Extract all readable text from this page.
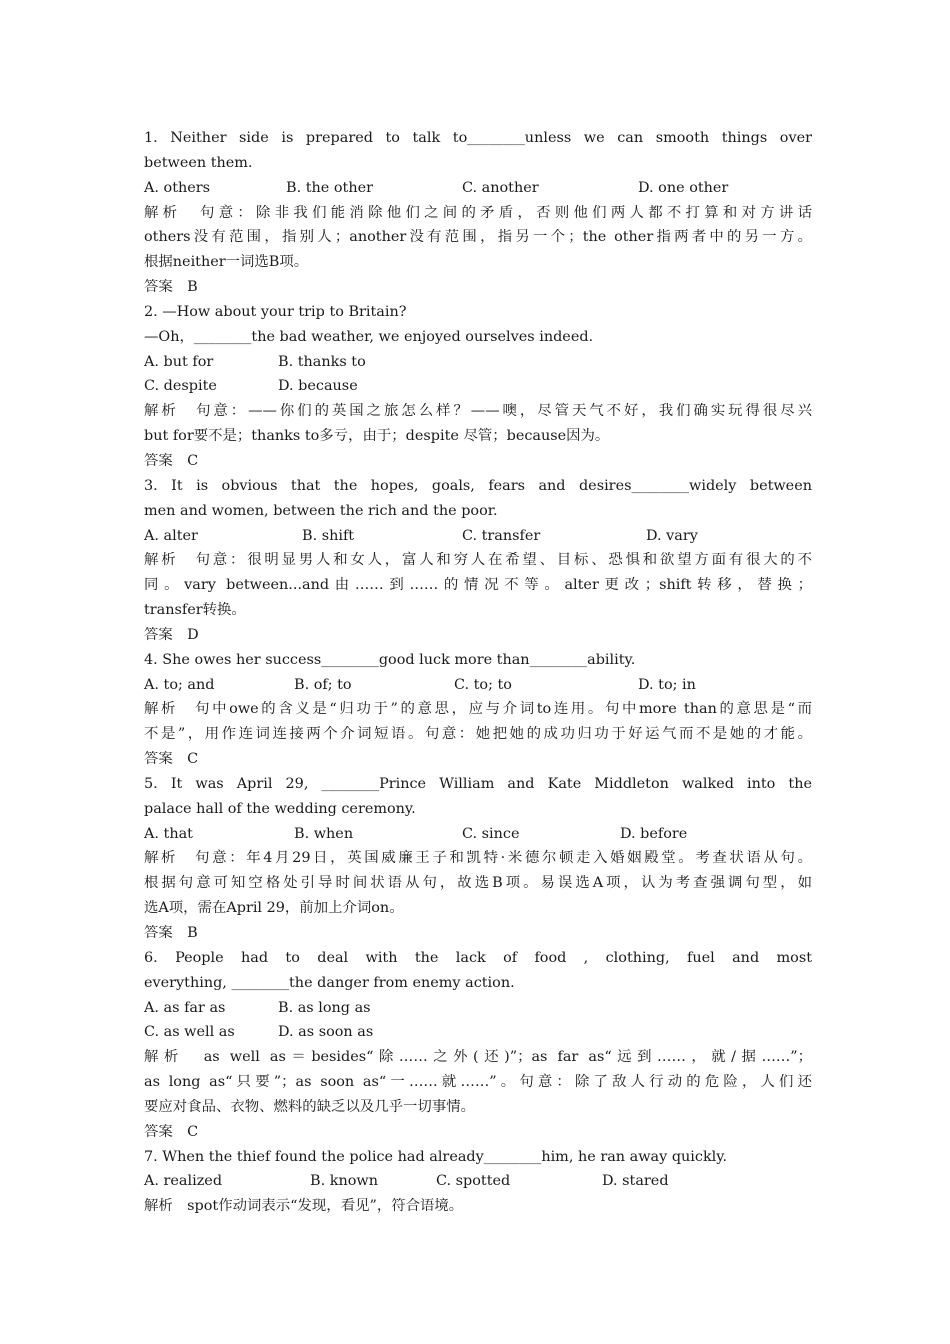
1. Neither side is prepared to talk to________unless we can smooth things over
between them.
A. others	B. the other	C. another	D. one other
解析　句意：除非我们能消除他们之间的矛盾，否则他们两人都不打算和对方讲话
others没有范围，指别人；another没有范围，指另一个；the other指两者中的另一方。
根据neither一词选B项。
答案　B
2. —How about your trip to Britain?
—Oh，________the bad weather, we enjoyed ourselves indeed.
A. but for	B. thanks to
C. despite	D. because
解析　句意：——你们的英国之旅怎么样？——噢，尽管天气不好，我们确实玩得很尽兴
but for要不是；thanks to多亏，由于；despite 尽管；because因为。
答案　C
3. It is obvious that the hopes, goals, fears and desires________widely between
men and women, between the rich and the poor.
A. alter	B. shift	C. transfer	D. vary
解析　句意：很明显男人和女人，富人和穷人在希望、目标、恐惧和欲望方面有很大的不
同。vary between...and由……到……的情况不等。alter更改；shift转移，替换；
transfer转换。
答案　D
4. She owes her success________good luck more than________ability.
A. to; and	B. of; to	C. to; to	D. to; in
解析　句中owe的含义是“归功于”的意思，应与介词to连用。句中more than的意思是“而
不是”，用作连词连接两个介词短语。句意：她把她的成功归功于好运气而不是她的才能。
答案　C
5. It was April 29, ________Prince William and Kate Middleton walked into the
palace hall of the wedding ceremony.
A. that	B. when	C. since	D. before
解析　句意：年4月29日，英国威廉王子和凯特·米德尔顿走入婚姻殿堂。考查状语从句。
根据句意可知空格处引导时间状语从句，故选B项。易误选A项，认为考查强调句型，如
选A项，需在April 29，前加上介词on。
答案　B
6. People had to deal with the lack of food , clothing, fuel and most
everything, ________the danger from enemy action.
A. as far as	B. as long as
C. as well as	D. as soon as
解析　as well as＝besides“除……之外(还)”；as far as“远到……，就/据……”；
as long as“只要”；as soon as“一……就……”。句意：除了敌人行动的危险，人们还
要应对食品、衣物、燃料的缺乏以及几乎一切事情。
答案　C
7. When the thief found the police had already________him, he ran away quickly.
A. realized	B. known	C. spotted	D. stared
解析　spot作动词表示“发现，看见”，符合语境。
